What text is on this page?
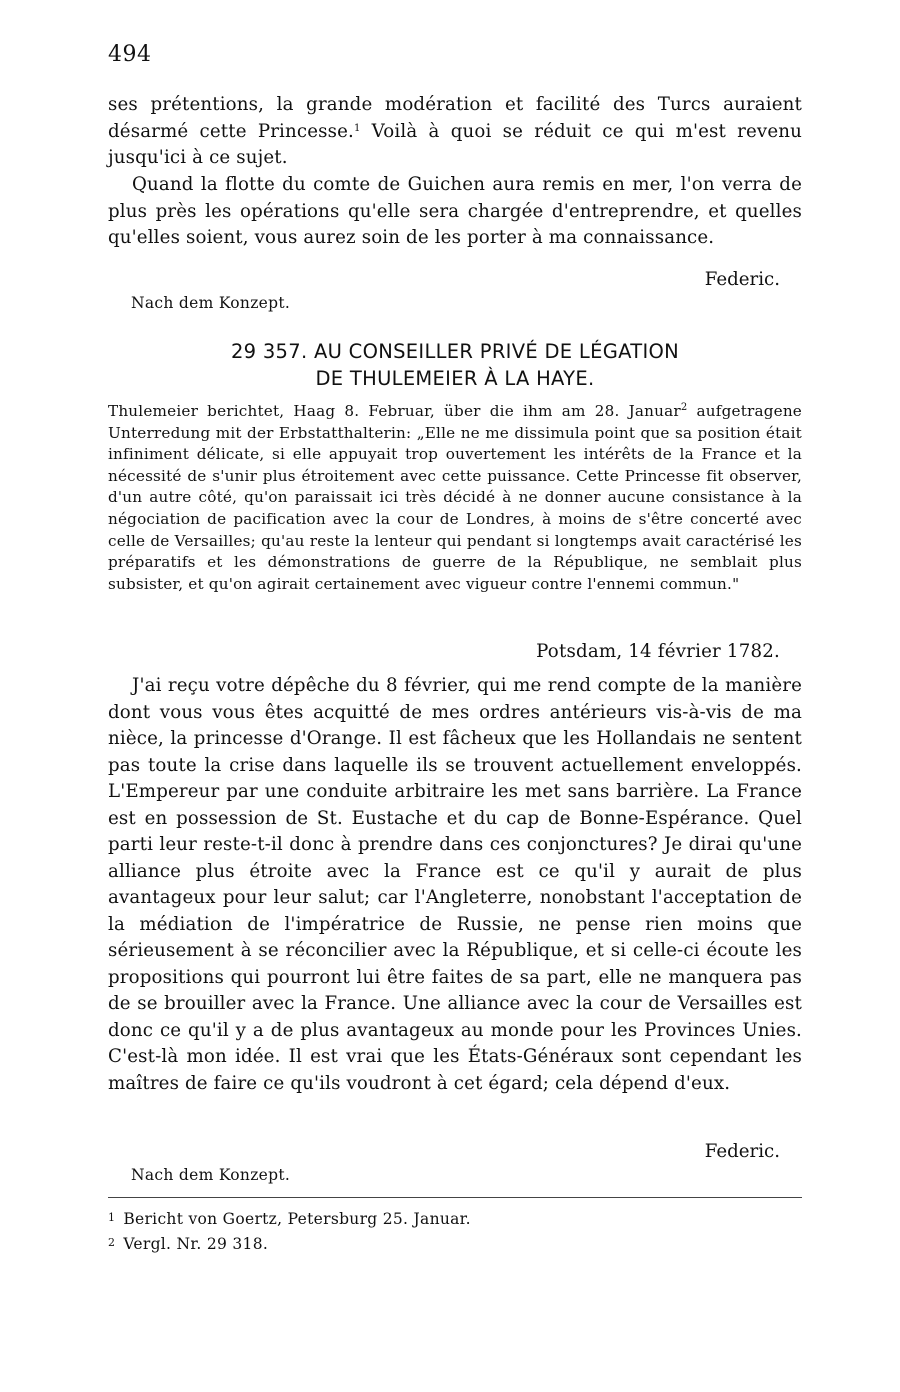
494
ses prétentions, la grande modération et facilité des Turcs auraient désarmé cette Princesse.$^1$ Voilà à quoi se réduit ce qui m'est revenu jusqu'ici à ce sujet.
Quand la flotte du comte de Guichen aura remis en mer, l'on verra de plus près les opérations qu'elle sera chargée d'entreprendre, et quelles qu'elles soient, vous aurez soin de les porter à ma connaissance.
Federic.
Nach dem Konzept.
29 357. AU CONSEILLER PRIVÉ DE LÉGATION
DE THULEMEIER À LA HAYE.
Thulemeier berichtet, Haag 8. Februar, über die ihm am 28. Januar$^2$ aufgetragene Unterredung mit der Erbstatthalterin: „Elle ne me dissimula point que sa position était infiniment délicate, si elle appuyait trop ouvertement les intérêts de la France et la nécessité de s'unir plus étroitement avec cette puissance. Cette Princesse fit observer, d'un autre côté, qu'on paraissait ici très décidé à ne donner aucune consistance à la négociation de pacification avec la cour de Londres, à moins de s'être concerté avec celle de Versailles; qu'au reste la lenteur qui pendant si longtemps avait caractérisé les préparatifs et les démonstrations de guerre de la République, ne semblait plus subsister, et qu'on agirait certainement avec vigueur contre l'ennemi commun."
Potsdam, 14 février 1782.
J'ai reçu votre dépêche du 8 février, qui me rend compte de la manière dont vous vous êtes acquitté de mes ordres antérieurs vis-à-vis de ma nièce, la princesse d'Orange. Il est fâcheux que les Hollandais ne sentent pas toute la crise dans laquelle ils se trouvent actuellement enveloppés. L'Empereur par une conduite arbitraire les met sans barrière. La France est en possession de St. Eustache et du cap de Bonne-Espérance. Quel parti leur reste-t-il donc à prendre dans ces conjonctures? Je dirai qu'une alliance plus étroite avec la France est ce qu'il y aurait de plus avantageux pour leur salut; car l'Angleterre, nonobstant l'acceptation de la médiation de l'impératrice de Russie, ne pense rien moins que sérieusement à se réconcilier avec la République, et si celle-ci écoute les propositions qui pourront lui être faites de sa part, elle ne manquera pas de se brouiller avec la France. Une alliance avec la cour de Versailles est donc ce qu'il y a de plus avantageux au monde pour les Provinces Unies. C'est-là mon idée. Il est vrai que les États-Généraux sont cependant les maîtres de faire ce qu'ils voudront à cet égard; cela dépend d'eux.
Federic.
Nach dem Konzept.
1 Bericht von Goertz, Petersburg 25. Januar.
2 Vergl. Nr. 29 318.
